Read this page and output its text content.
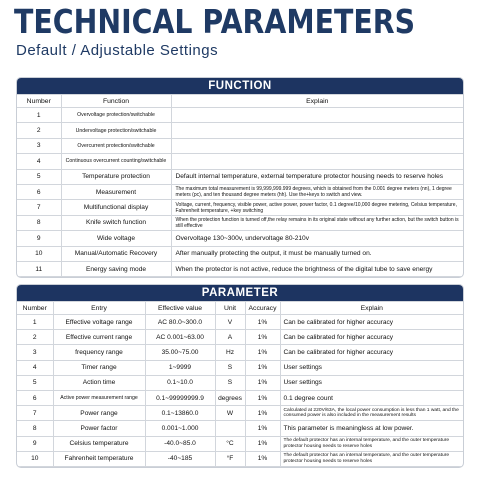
TECHNICAL PARAMETERS
Default / Adjustable Settings
FUNCTION
Number	Function	Explain
1	Overvoltage protection/switchable	
2	Undervoltage protection/switchable	
3	Overcurrent protection/switchable	
4	Continuous overcurrent counting/switchable	
5	Temperature protection	Default internal temperature, external temperature protector housing needs to reserve holes
6	Measurement	The maximum total measurement is 99,999,999.999 degrees, which is obtained from the 0.001 degree meters (nn), 1 degree meters (pc), and ten thousand degree meters (hh). Use the+keys to switch and view.
7	Multifunctional display	Voltage, current, frequency, visible power, active power, power factor, 0.1 degree/10,000 degree metering, Celsius temperature, Fahrenheit temperature, +key switching
8	Knife switch function	When the protection function is turned off,the relay remains in its original state without any further action, but the switch button is still effective
9	Wide voltage	Overvoltage 130~300v, undervoltage 80-210v
10	Manual/Automatic Recovery	After manually protecting the output, it must be manually turned on.
11	Energy saving mode	When the protector is not active, reduce the brightness of the digital tube to save energy
PARAMETER
Number	Entry	Effective value	Unit	Accuracy	Explain
1	Effective voltage range	AC 80.0~300.0	V	1%	Can be calibrated for higher accuracy
2	Effective current range	AC 0.001~63.00	A	1%	Can be calibrated for higher accuracy
3	frequency range	35.00~75.00	Hz	1%	Can be calibrated for higher accuracy
4	Timer range	1~9999	S	1%	User settings
5	Action time	0.1~10.0	S	1%	User settings
6	Active power measurement range	0.1~99999999.9	degrees	1%	0.1 degree count
7	Power range	0.1~13860.0	W	1%	Calculated at 220V/63A, the local power consumption is less than 1 watt, and the consumed power is also included in the measurement results
8	Power factor	0.001~1.000		1%	This parameter is meaningless at low power.
9	Celsius temperature	-40.0~85.0	°C	1%	The default protector has an internal temperature, and the outer temperature protector housing needs to reserve holes
10	Fahrenheit temperature	-40~185	°F	1%	The default protector has an internal temperature, and the outer temperature protector housing needs to reserve holes
